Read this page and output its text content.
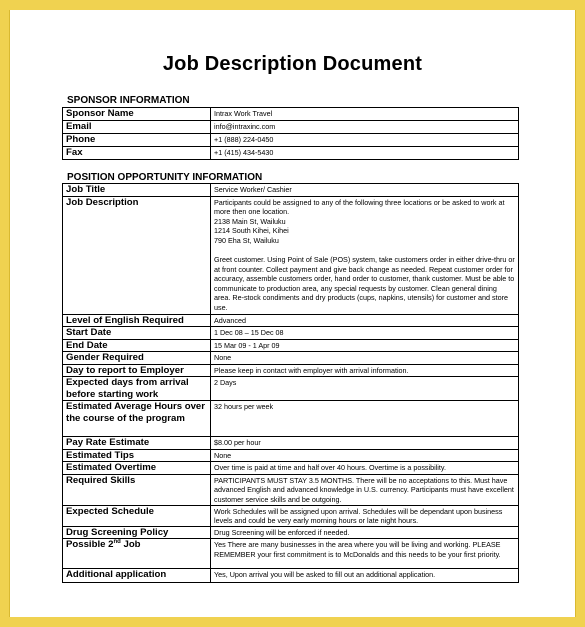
Job Description Document
SPONSOR INFORMATION
Sponsor Name	Intrax Work Travel
Email	info@intraxinc.com
Phone	+1 (888) 224-0450
Fax	+1 (415) 434-5430
POSITION OPPORTUNITY INFORMATION
Job Title	Service Worker/ Cashier
Job Description	Participants could be assigned to any of the following three locations or be asked to work at more then one location.
2138 Main St, Wailuku
1214 South Kihei, Kihei
790 Eha St, Wailuku

Greet customer. Using Point of Sale (POS) system, take customers order in either drive-thru or at front counter. Collect payment and give back change as needed. Repeat customer order for accuracy, assemble customers order, hand order to customer, thank customer. Must be able to communicate to production area, any special requests by customer. Clean general dining area. Re-stock condiments and dry products (cups, napkins, utensils) for customer and store use.
Level of English Required	Advanced
Start Date	1 Dec 08 – 15 Dec 08
End Date	15 Mar 09 - 1 Apr 09
Gender Required	None
Day to report to Employer	Please keep in contact with employer with arrival information.
Expected days from arrival before starting work	2 Days
Estimated Average Hours over the course of the program	32 hours per week
Pay Rate Estimate	$8.00 per hour
Estimated Tips	None
Estimated Overtime	Over time is paid at time and half over 40 hours. Overtime is a possibility.
Required Skills	PARTICIPANTS MUST STAY 3.5 MONTHS. There will be no acceptations to this. Must have advanced English and advanced knowledge in U.S. currency. Participants must have excellent customer service skills and be outgoing.
Expected Schedule	Work Schedules will be assigned upon arrival. Schedules will be dependant upon business levels and could be very early morning hours or late night hours.
Drug Screening Policy	Drug Screening will be enforced if needed.
Possible 2nd Job	Yes There are many businesses in the area where you will be living and working. PLEASE REMEMBER your first commitment is to McDonalds and this needs to be your first priority.
Additional application	Yes, Upon arrival you will be asked to fill out an additional application.
